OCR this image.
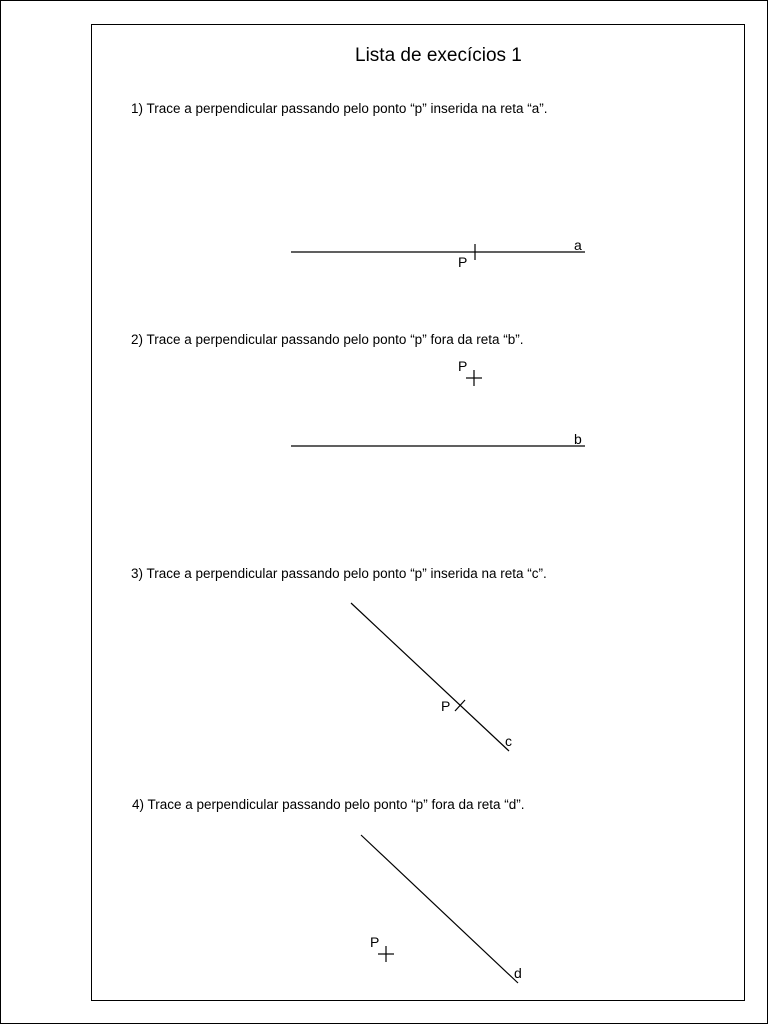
Lista de execícios 1
1) Trace a perpendicular passando pelo ponto “p” inserida na reta “a”.
2) Trace a perpendicular passando pelo ponto “p” fora da reta “b”.
3) Trace a perpendicular passando pelo ponto “p” inserida na reta “c”.
4) Trace a perpendicular passando pelo ponto “p” fora da reta “d”.
a
P
P
b
P
c
d
P
